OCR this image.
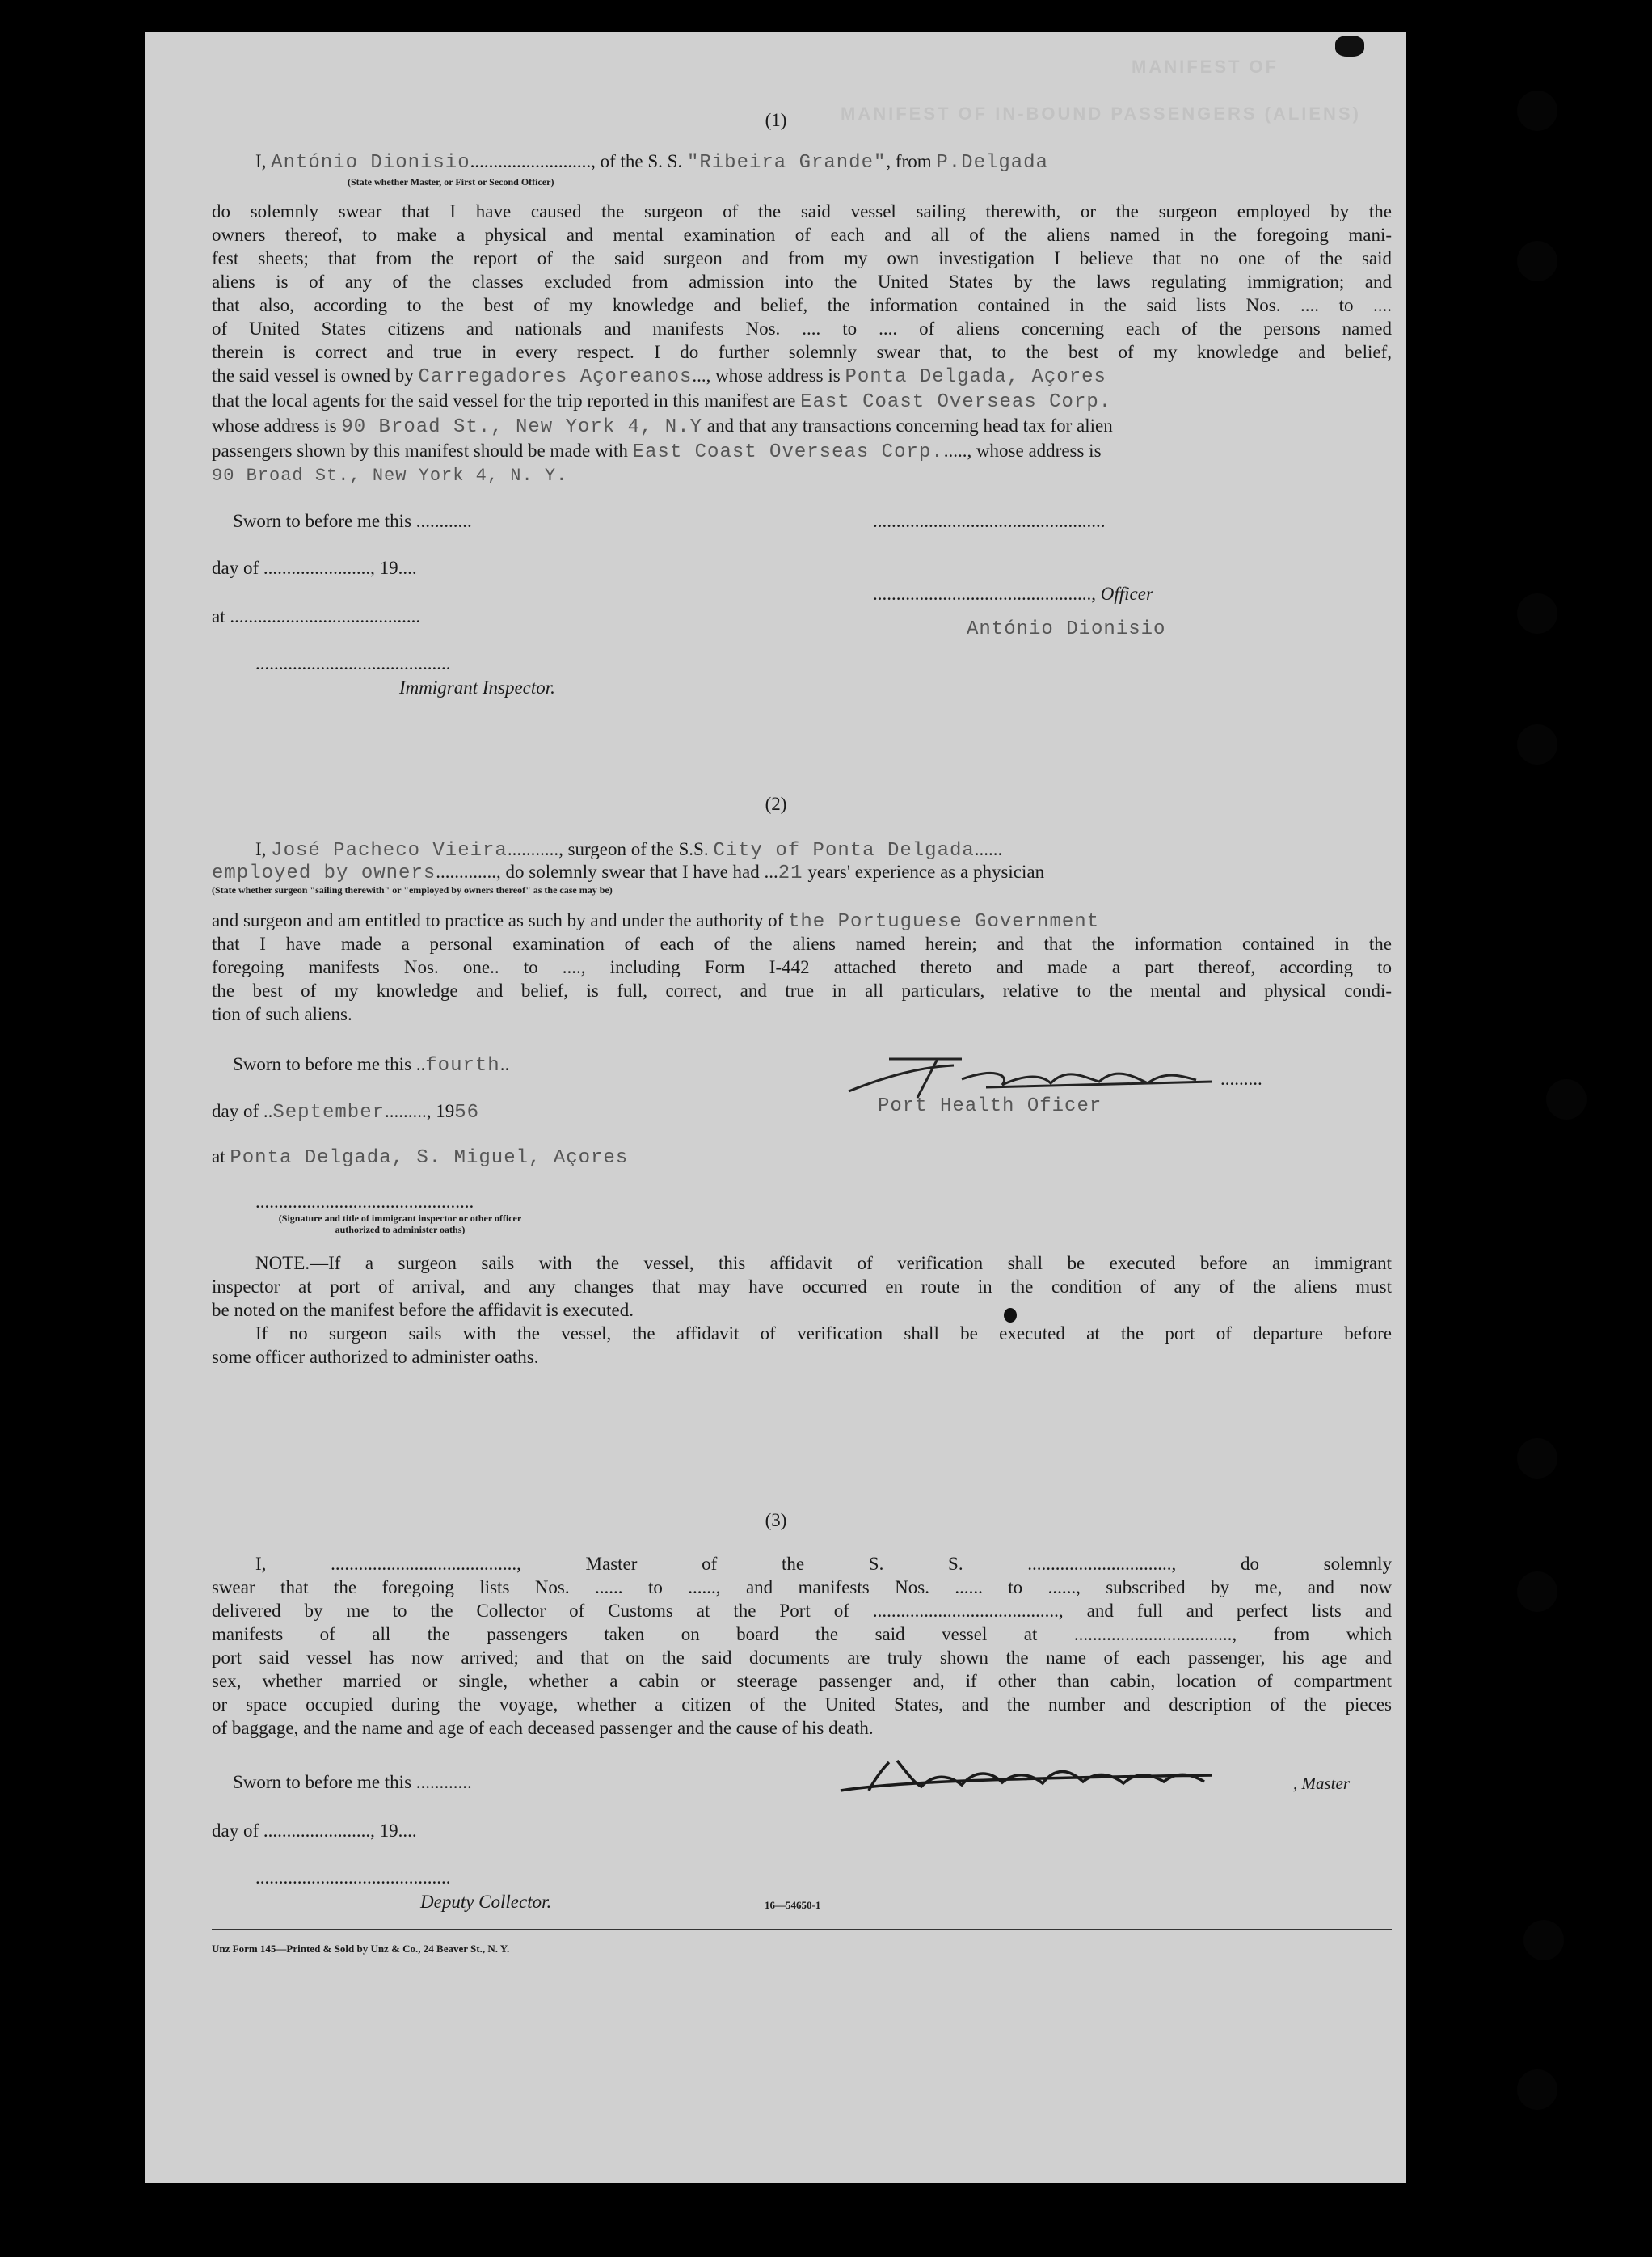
MANIFEST OF
MANIFEST OF IN-BOUND PASSENGERS (ALIENS)
(1)
I, António Dionisio.........................., of the S. S. "Ribeira Grande", from P.Delgada
(State whether Master, or First or Second Officer)
do solemnly swear that I have caused the surgeon of the said vessel sailing therewith, or the surgeon employed by the
owners thereof, to make a physical and mental examination of each and all of the aliens named in the foregoing mani-
fest sheets; that from the report of the said surgeon and from my own investigation I believe that no one of the said
aliens is of any of the classes excluded from admission into the United States by the laws regulating immigration; and
that also, according to the best of my knowledge and belief, the information contained in the said lists Nos. .... to ....
of United States citizens and nationals and manifests Nos. .... to .... of aliens concerning each of the persons named
therein is correct and true in every respect. I do further solemnly swear that, to the best of my knowledge and belief,
the said vessel is owned by Carregadores Açoreanos..., whose address is Ponta Delgada, Açores
that the local agents for the said vessel for the trip reported in this manifest are East Coast Overseas Corp.
whose address is 90 Broad St., New York 4, N.Y and that any transactions concerning head tax for alien
passengers shown by this manifest should be made with East Coast Overseas Corp......, whose address is
90 Broad St., New York 4, N. Y.
Sworn to before me this ............
day of ......................., 19....
at .........................................
..........................................
Immigrant Inspector.
..................................................
..............................................., Officer
António Dionisio
(2)
I, José Pacheco Vieira..........., surgeon of the S.S. City of Ponta Delgada......
employed by owners............., do solemnly swear that I have had ...21 years' experience as a physician
(State whether surgeon "sailing therewith" or "employed by owners thereof" as the case may be)
and surgeon and am entitled to practice as such by and under the authority of the Portuguese Government
that I have made a personal examination of each of the aliens named herein; and that the information contained in the
foregoing manifests Nos. one.. to ...., including Form I-442 attached thereto and made a part thereof, according to
the best of my knowledge and belief, is full, correct, and true in all particulars, relative to the mental and physical condi-
tion of such aliens.
Sworn to before me this ..fourth..
day of ..September........., 1956
at Ponta Delgada, S. Miguel, Açores
...............................................
(Signature and title of immigrant inspector or other officer authorized to administer oaths)
.........
Port Health Oficer
NOTE.—If a surgeon sails with the vessel, this affidavit of verification shall be executed before an immigrant
inspector at port of arrival, and any changes that may have occurred en route in the condition of any of the aliens must
be noted on the manifest before the affidavit is executed.
If no surgeon sails with the vessel, the affidavit of verification shall be executed at the port of departure before
some officer authorized to administer oaths.
(3)
I, ........................................, Master of the S. S. ..............................., do solemnly
swear that the foregoing lists Nos. ...... to ......, and manifests Nos. ...... to ......, subscribed by me, and now
delivered by me to the Collector of Customs at the Port of ........................................, and full and perfect lists and
manifests of all the passengers taken on board the said vessel at .................................., from which
port said vessel has now arrived; and that on the said documents are truly shown the name of each passenger, his age and
sex, whether married or single, whether a cabin or steerage passenger and, if other than cabin, location of compartment
or space occupied during the voyage, whether a citizen of the United States, and the number and description of the pieces
of baggage, and the name and age of each deceased passenger and the cause of his death.
Sworn to before me this ............
day of ......................., 19....
..........................................
Deputy Collector.
, Master
16—54650-1
Unz Form 145—Printed & Sold by Unz & Co., 24 Beaver St., N. Y.
